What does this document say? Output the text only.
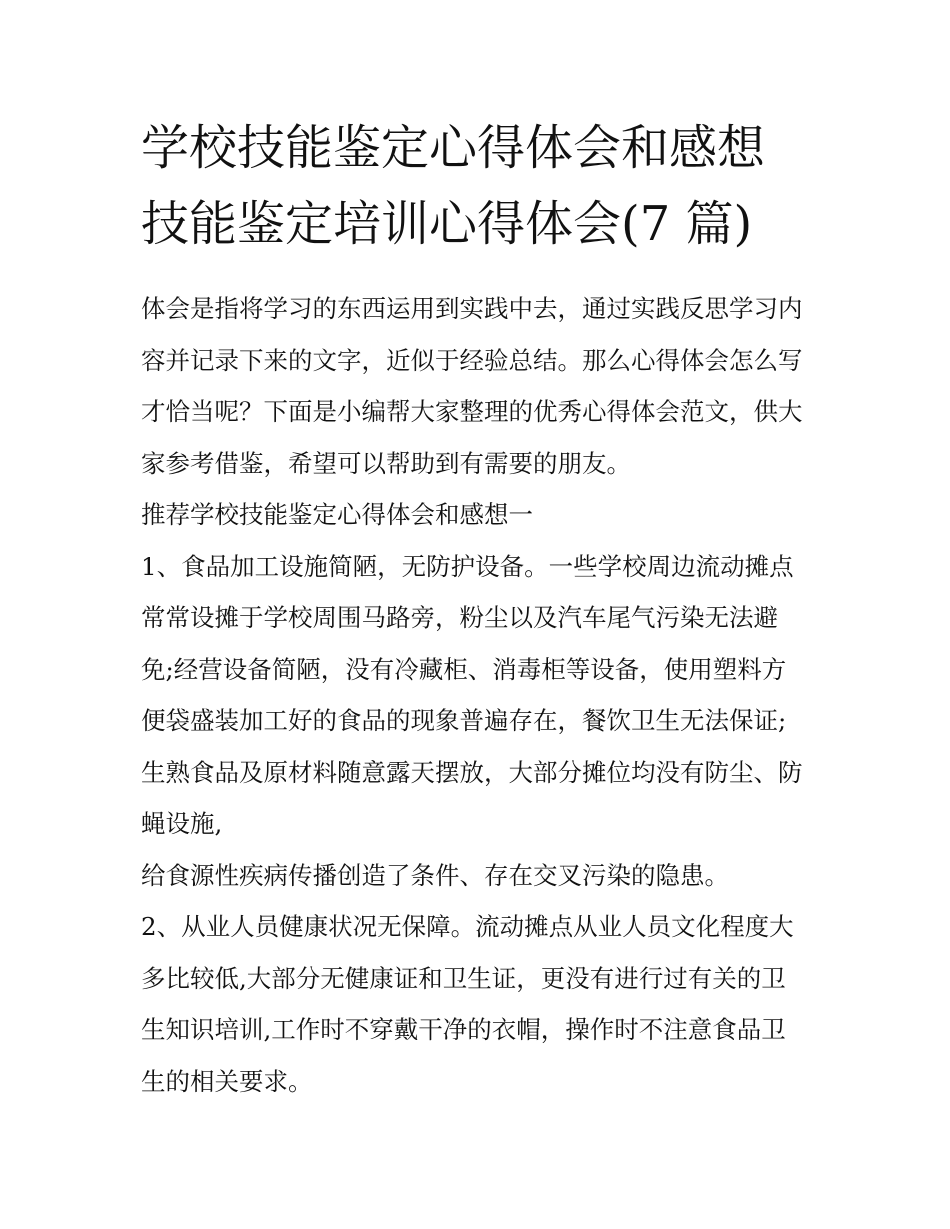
学校技能鉴定心得体会和感想
技能鉴定培训心得体会(7 篇)

体会是指将学习的东西运用到实践中去，通过实践反思学习内
容并记录下来的文字，近似于经验总结。那么心得体会怎么写
才恰当呢？下面是小编帮大家整理的优秀心得体会范文，供大
家参考借鉴，希望可以帮助到有需要的朋友。

推荐学校技能鉴定心得体会和感想一

1、食品加工设施简陋，无防护设备。一些学校周边流动摊点
常常设摊于学校周围马路旁，粉尘以及汽车尾气污染无法避
免;经营设备简陋，没有冷藏柜、消毒柜等设备，使用塑料方
便袋盛装加工好的食品的现象普遍存在，餐饮卫生无法保证;
生熟食品及原材料随意露天摆放，大部分摊位均没有防尘、防
蝇设施,

给食源性疾病传播创造了条件、存在交叉污染的隐患。

2、从业人员健康状况无保障。流动摊点从业人员文化程度大
多比较低,大部分无健康证和卫生证，更没有进行过有关的卫
生知识培训,工作时不穿戴干净的衣帽，操作时不注意食品卫
生的相关要求。
